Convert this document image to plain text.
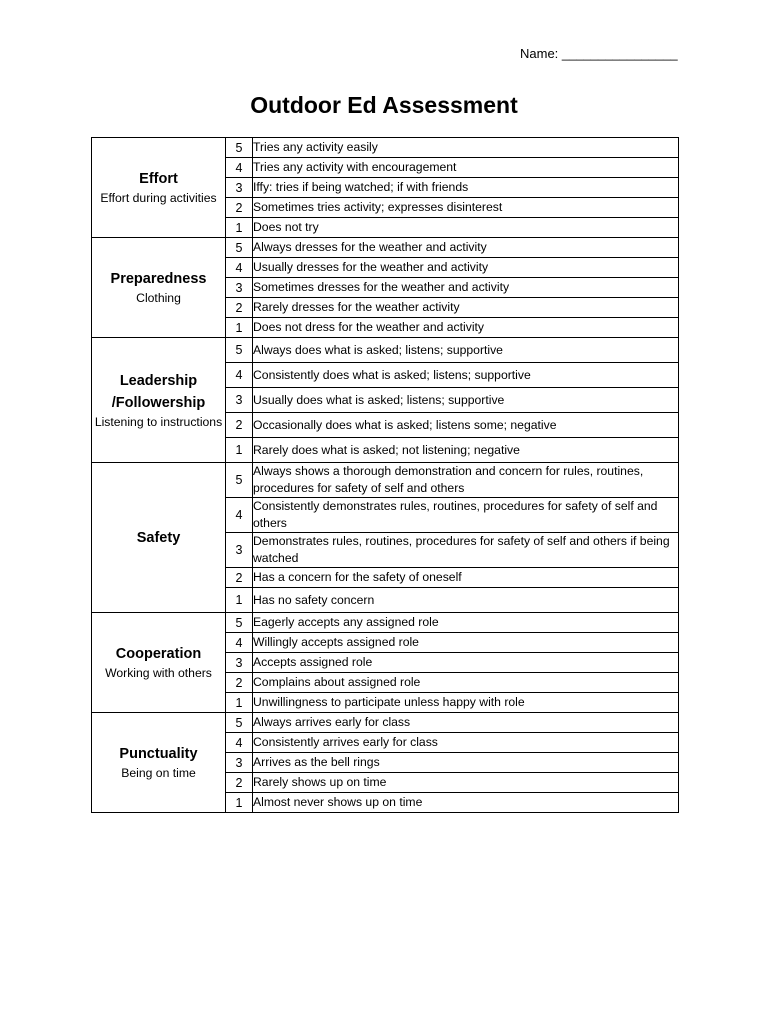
Name: ________________
Outdoor Ed Assessment
Effort
Effort during activities	5	Tries any activity easily
	4	Tries any activity with encouragement
	3	Iffy: tries if being watched; if with friends
	2	Sometimes tries activity; expresses disinterest
	1	Does not try

Preparedness
Clothing	5	Always dresses for the weather and activity
	4	Usually dresses for the weather and activity
	3	Sometimes dresses for the weather and activity
	2	Rarely dresses for the weather activity
	1	Does not dress for the weather and activity

Leadership /Followership
Listening to instructions	5	Always does what is asked; listens; supportive
	4	Consistently does what is asked; listens; supportive
	3	Usually does what is asked; listens; supportive
	2	Occasionally does what is asked; listens some; negative
	1	Rarely does what is asked; not listening; negative

Safety	5	Always shows a thorough demonstration and concern for rules, routines, procedures for safety of self and others
	4	Consistently demonstrates rules, routines, procedures for safety of self and others
	3	Demonstrates rules, routines, procedures for safety of self and others if being watched
	2	Has a concern for the safety of oneself
	1	Has no safety concern

Cooperation
Working with others	5	Eagerly accepts any assigned role
	4	Willingly accepts assigned role
	3	Accepts assigned role
	2	Complains about assigned role
	1	Unwillingness to participate unless happy with role

Punctuality
Being on time	5	Always arrives early for class
	4	Consistently arrives early for class
	3	Arrives as the bell rings
	2	Rarely shows up on time
	1	Almost never shows up on time
